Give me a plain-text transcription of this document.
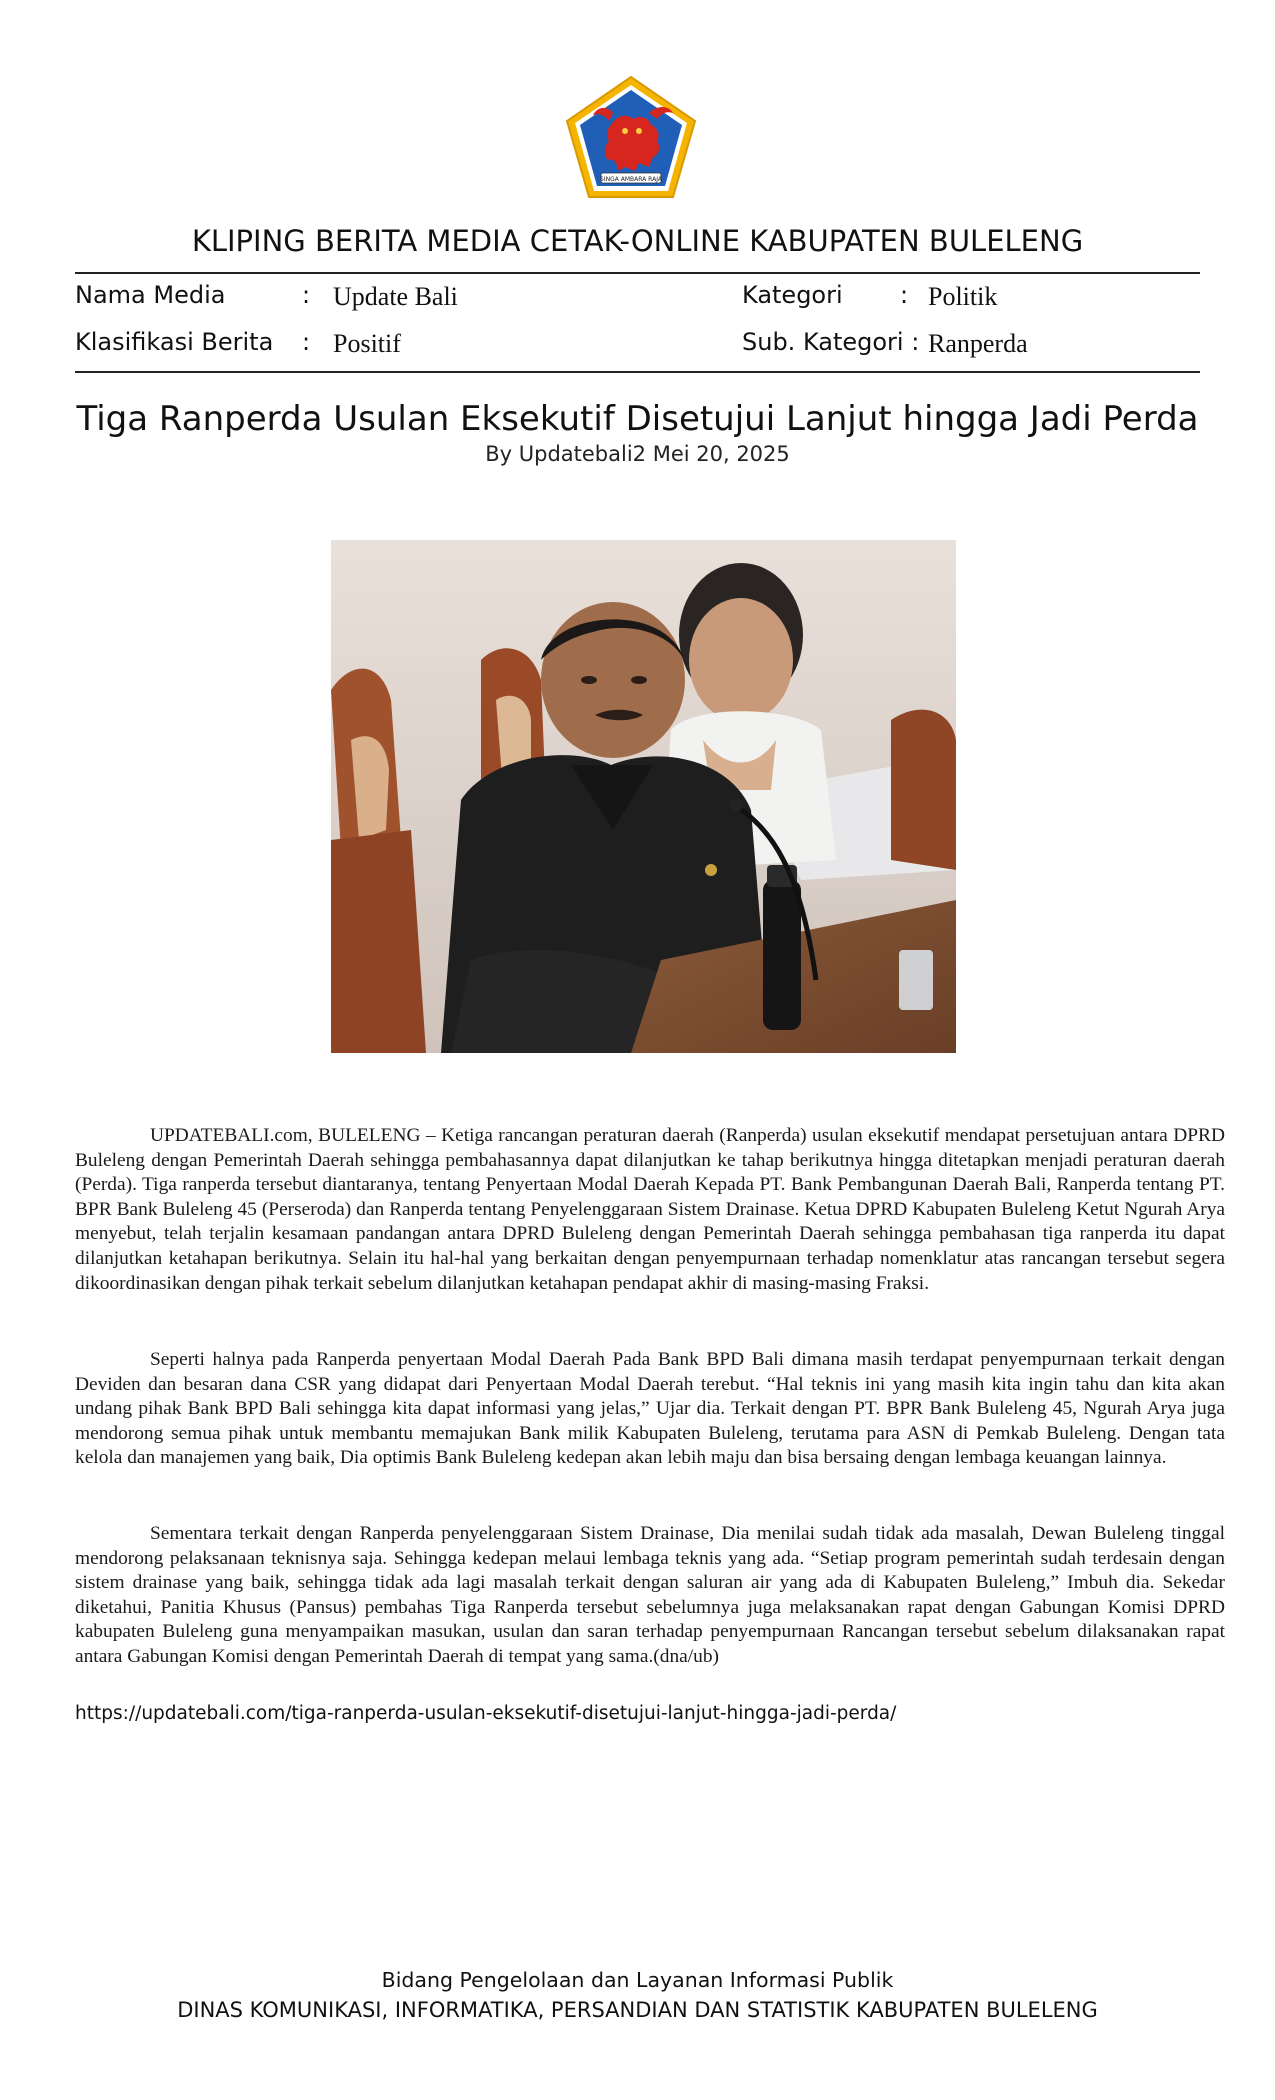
SINGA AMBARA RAJA
KLIPING BERITA MEDIA CETAK-ONLINE KABUPATEN BULELENG
Nama Media	: Update Bali	Kategori : Politik
Klasifikasi Berita : Positif	Sub. Kategori : Ranperda
Tiga Ranperda Usulan Eksekutif Disetujui Lanjut hingga Jadi Perda
By Updatebali2 Mei 20, 2025

UPDATEBALI.com, BULELENG – Ketiga rancangan peraturan daerah (Ranperda) usulan eksekutif mendapat persetujuan antara DPRD Buleleng dengan Pemerintah Daerah sehingga pembahasannya dapat dilanjutkan ke tahap berikutnya hingga ditetapkan menjadi peraturan daerah (Perda). Tiga ranperda tersebut diantaranya, tentang Penyertaan Modal Daerah Kepada PT. Bank Pembangunan Daerah Bali, Ranperda tentang PT. BPR Bank Buleleng 45 (Perseroda) dan Ranperda tentang Penyelenggaraan Sistem Drainase. Ketua DPRD Kabupaten Buleleng Ketut Ngurah Arya menyebut, telah terjalin kesamaan pandangan antara DPRD Buleleng dengan Pemerintah Daerah sehingga pembahasan tiga ranperda itu dapat dilanjutkan ketahapan berikutnya. Selain itu hal-hal yang berkaitan dengan penyempurnaan terhadap nomenklatur atas rancangan tersebut segera dikoordinasikan dengan pihak terkait sebelum dilanjutkan ketahapan pendapat akhir di masing-masing Fraksi.

Seperti halnya pada Ranperda penyertaan Modal Daerah Pada Bank BPD Bali dimana masih terdapat penyempurnaan terkait dengan Deviden dan besaran dana CSR yang didapat dari Penyertaan Modal Daerah terebut. “Hal teknis ini yang masih kita ingin tahu dan kita akan undang pihak Bank BPD Bali sehingga kita dapat informasi yang jelas,” Ujar dia. Terkait dengan PT. BPR Bank Buleleng 45, Ngurah Arya juga mendorong semua pihak untuk membantu memajukan Bank milik Kabupaten Buleleng, terutama para ASN di Pemkab Buleleng. Dengan tata kelola dan manajemen yang baik, Dia optimis Bank Buleleng kedepan akan lebih maju dan bisa bersaing dengan lembaga keuangan lainnya.

Sementara terkait dengan Ranperda penyelenggaraan Sistem Drainase, Dia menilai sudah tidak ada masalah, Dewan Buleleng tinggal mendorong pelaksanaan teknisnya saja. Sehingga kedepan melaui lembaga teknis yang ada. “Setiap program pemerintah sudah terdesain dengan sistem drainase yang baik, sehingga tidak ada lagi masalah terkait dengan saluran air yang ada di Kabupaten Buleleng,” Imbuh dia. Sekedar diketahui, Panitia Khusus (Pansus) pembahas Tiga Ranperda tersebut sebelumnya juga melaksanakan rapat dengan Gabungan Komisi DPRD kabupaten Buleleng guna menyampaikan masukan, usulan dan saran terhadap penyempurnaan Rancangan tersebut sebelum dilaksanakan rapat antara Gabungan Komisi dengan Pemerintah Daerah di tempat yang sama.(dna/ub)

https://updatebali.com/tiga-ranperda-usulan-eksekutif-disetujui-lanjut-hingga-jadi-perda/
Bidang Pengelolaan dan Layanan Informasi Publik
DINAS KOMUNIKASI, INFORMATIKA, PERSANDIAN DAN STATISTIK KABUPATEN BULELENG
